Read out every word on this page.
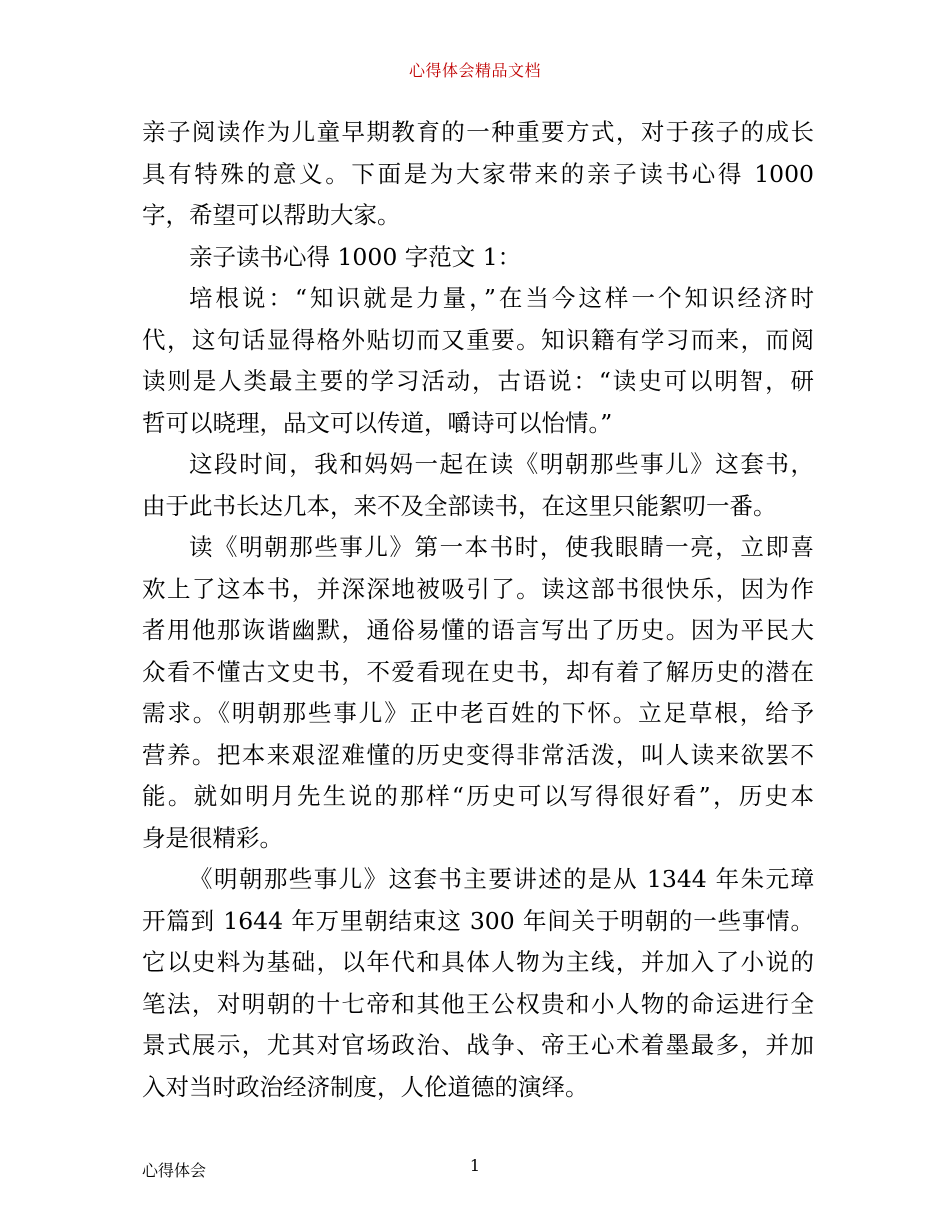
心得体会精品文档
亲子阅读作为儿童早期教育的一种重要方式，对于孩子的成长
具有特殊的意义。下面是为大家带来的亲子读书心得 1000
字，希望可以帮助大家。
亲子读书心得 1000 字范文 1：
培根说：“知识就是力量，”在当今这样一个知识经济时
代，这句话显得格外贴切而又重要。知识籍有学习而来，而阅
读则是人类最主要的学习活动，古语说：“读史可以明智，研
哲可以晓理，品文可以传道，嚼诗可以怡情。”
这段时间，我和妈妈一起在读《明朝那些事儿》这套书，
由于此书长达几本，来不及全部读书，在这里只能絮叨一番。
读《明朝那些事儿》第一本书时，使我眼睛一亮，立即喜
欢上了这本书，并深深地被吸引了。读这部书很快乐，因为作
者用他那诙谐幽默，通俗易懂的语言写出了历史。因为平民大
众看不懂古文史书，不爱看现在史书，却有着了解历史的潜在
需求。《明朝那些事儿》正中老百姓的下怀。立足草根，给予
营养。把本来艰涩难懂的历史变得非常活泼，叫人读来欲罢不
能。就如明月先生说的那样“历史可以写得很好看”，历史本
身是很精彩。
《明朝那些事儿》这套书主要讲述的是从 1344 年朱元璋
开篇到 1644 年万里朝结束这 300 年间关于明朝的一些事情。
它以史料为基础，以年代和具体人物为主线，并加入了小说的
笔法，对明朝的十七帝和其他王公权贵和小人物的命运进行全
景式展示，尤其对官场政治、战争、帝王心术着墨最多，并加
入对当时政治经济制度，人伦道德的演绎。
心得体会	1
